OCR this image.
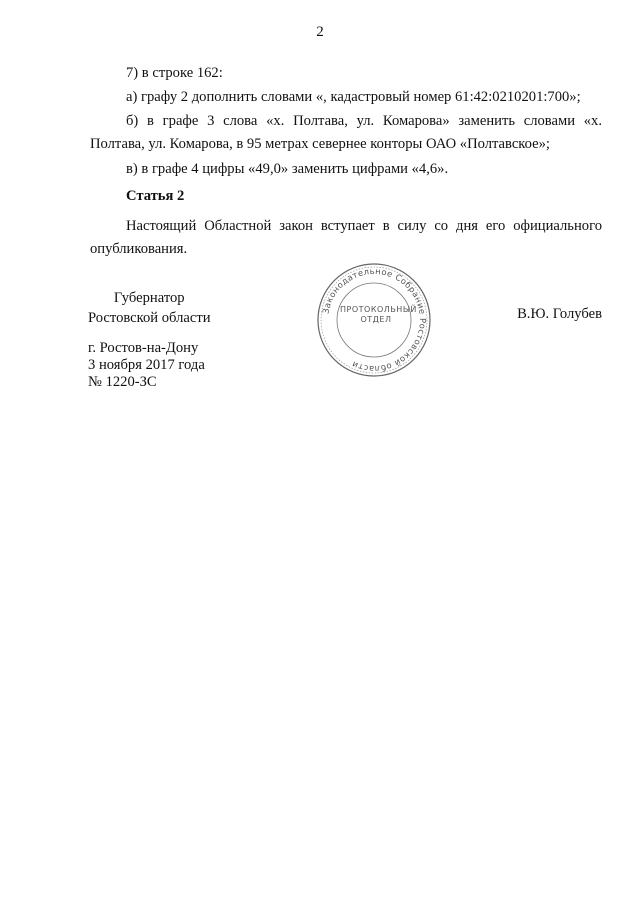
2

7) в строке 162:

а) графу 2 дополнить словами «, кадастровый номер 61:42:0210201:700»;

б) в графе 3 слова «х. Полтава, ул. Комарова» заменить словами «х. Полтава, ул. Комарова, в 95 метрах севернее конторы ОАО «Полтавское»;

в) в графе 4 цифры «49,0» заменить цифрами «4,6».

Статья 2

Настоящий Областной закон вступает в силу со дня его официального опубликования.

Губернатор
Ростовской области	Законодательное Собрание Ростовской области
ПРОТОКОЛЬНЫЙ
ОТДЕЛ	В.Ю. Голубев
г. Ростов-на-Дону
3 ноября 2017 года
№ 1220-ЗС
